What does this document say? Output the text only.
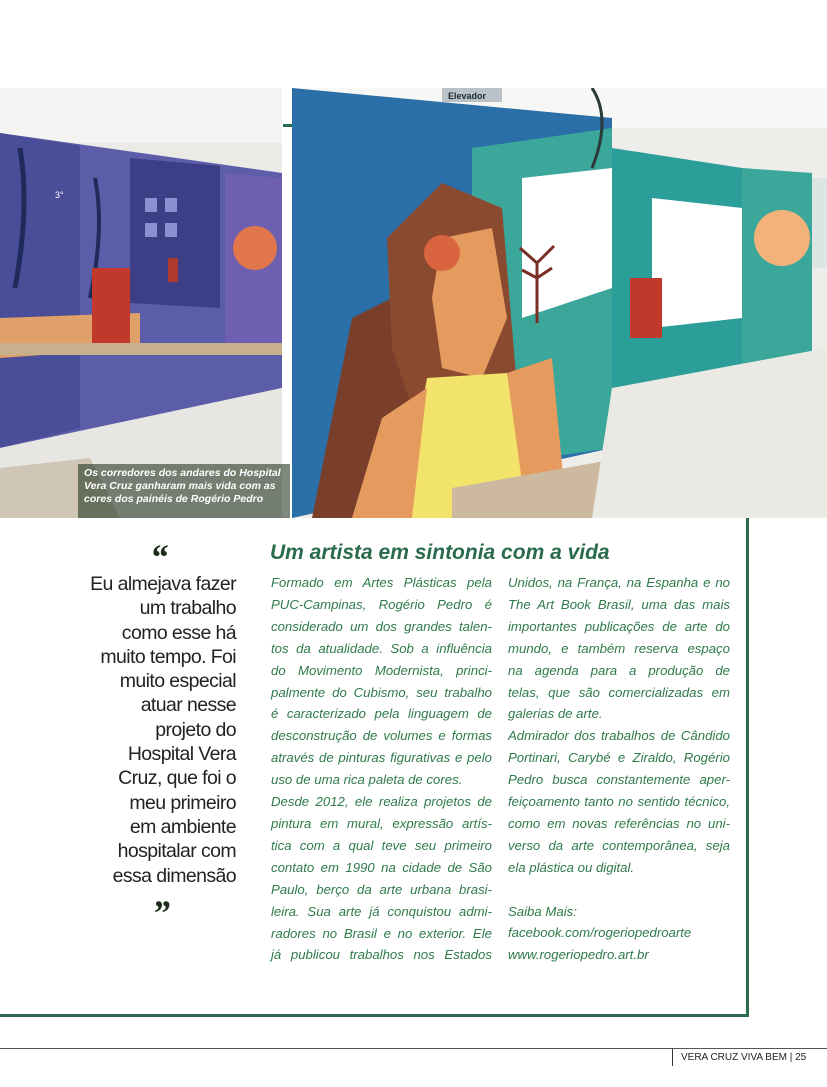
3°
Elevador
Os corredores dos andares do Hospital
Vera Cruz ganharam mais vida com as
cores dos painéis de Rogério Pedro
“
Eu almejava fazer
um trabalho
como esse há
muito tempo. Foi
muito especial
atuar nesse
projeto do
Hospital Vera
Cruz, que foi o
meu primeiro
em ambiente
hospitalar com
essa dimensão
”
Um artista em sintonia com a vida
Formado em Artes Plásticas pela
PUC-Campinas, Rogério Pedro é
considerado um dos grandes talen-
tos da atualidade. Sob a influência
do Movimento Modernista, princi-
palmente do Cubismo, seu trabalho
é caracterizado pela linguagem de
desconstrução de volumes e formas
através de pinturas figurativas e pelo
uso de uma rica paleta de cores.
Desde 2012, ele realiza projetos de
pintura em mural, expressão artís-
tica com a qual teve seu primeiro
contato em 1990 na cidade de São
Paulo, berço da arte urbana brasi-
leira. Sua arte já conquistou admi-
radores no Brasil e no exterior. Ele
já publicou trabalhos nos Estados
Unidos, na França, na Espanha e no
The Art Book Brasil, uma das mais
importantes publicações de arte do
mundo, e também reserva espaço
na agenda para a produção de
telas, que são comercializadas em
galerias de arte.
Admirador dos trabalhos de Cândido
Portinari, Carybé e Ziraldo, Rogério
Pedro busca constantemente aper-
feiçoamento tanto no sentido técnico,
como em novas referências no uni-
verso da arte contemporânea, seja
ela plástica ou digital.
Saiba Mais:
facebook.com/rogeriopedroarte
www.rogeriopedro.art.br
VERA CRUZ VIVA BEM | 25
